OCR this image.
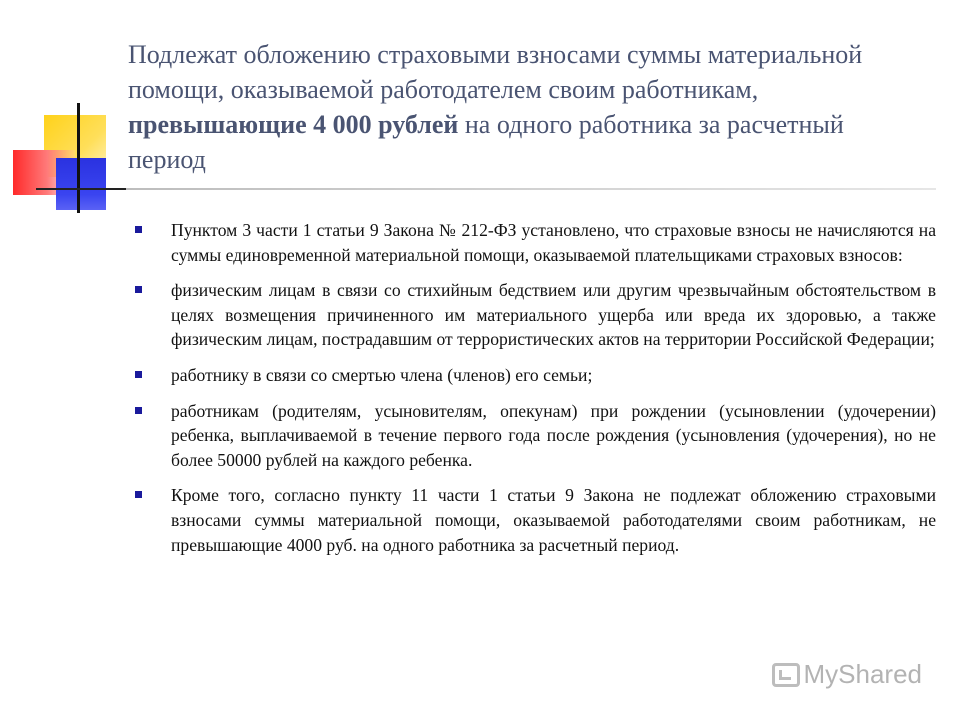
Подлежат обложению страховыми взносами суммы материальной помощи, оказываемой работодателем своим работникам, превышающие 4 000 рублей на одного работника за расчетный период
Пунктом 3 части 1 статьи 9 Закона № 212-ФЗ установлено, что страховые взносы не начисляются на суммы единовременной материальной помощи, оказываемой плательщиками страховых взносов:
физическим лицам в связи со стихийным бедствием или другим чрезвычайным обстоятельством в целях возмещения причиненного им материального ущерба или вреда их здоровью, а также физическим лицам, пострадавшим от террористических актов на территории Российской Федерации;
работнику в связи со смертью члена (членов) его семьи;
работникам (родителям, усыновителям, опекунам) при рождении (усыновлении (удочерении) ребенка, выплачиваемой в течение первого года после рождения (усыновления (удочерения), но не более 50000 рублей на каждого ребенка.
Кроме того, согласно пункту 11 части 1 статьи 9 Закона не подлежат обложению страховыми взносами суммы материальной помощи, оказываемой работодателями своим работникам, не превышающие 4000 руб. на одного работника за расчетный период.
MyShared
